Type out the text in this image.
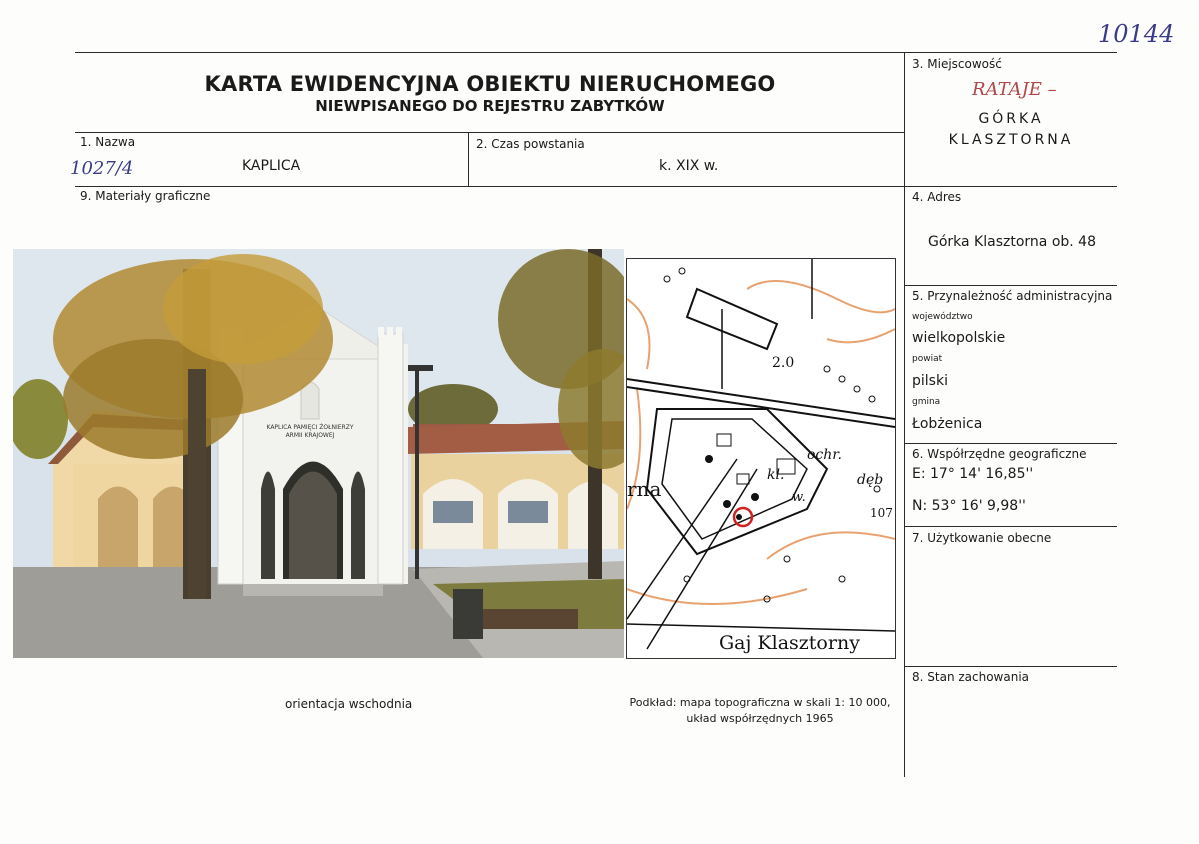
10144
KARTA EWIDENCYJNA OBIEKTU NIERUCHOMEGO
NIEWPISANEGO DO REJESTRU ZABYTKÓW
1. Nazwa
1027/4	KAPLICA
2. Czas powstania
k. XIX w.
3. Miejscowość
RATAJE –
GÓRKA
KLASZTORNA
4. Adres
Górka Klasztorna ob. 48
5. Przynależność administracyjna
województwo
wielkopolskie
powiat
pilski
gmina
Łobżenica
6. Współrzędne geograficzne
E: 17° 14' 16,85''
N: 53° 16' 9,98''
7. Użytkowanie obecne
8. Stan zachowania
9. Materiały graficzne
KAPLICA PAMIĘCI ŻOŁNIERZY
ARMII KRAJOWEJ
2.0
ochr.
dęb
kl.
w.
107
rna
Gaj Klasztorny
orientacja wschodnia	Podkład: mapa topograficzna w skali 1: 10 000,
układ współrzędnych 1965
